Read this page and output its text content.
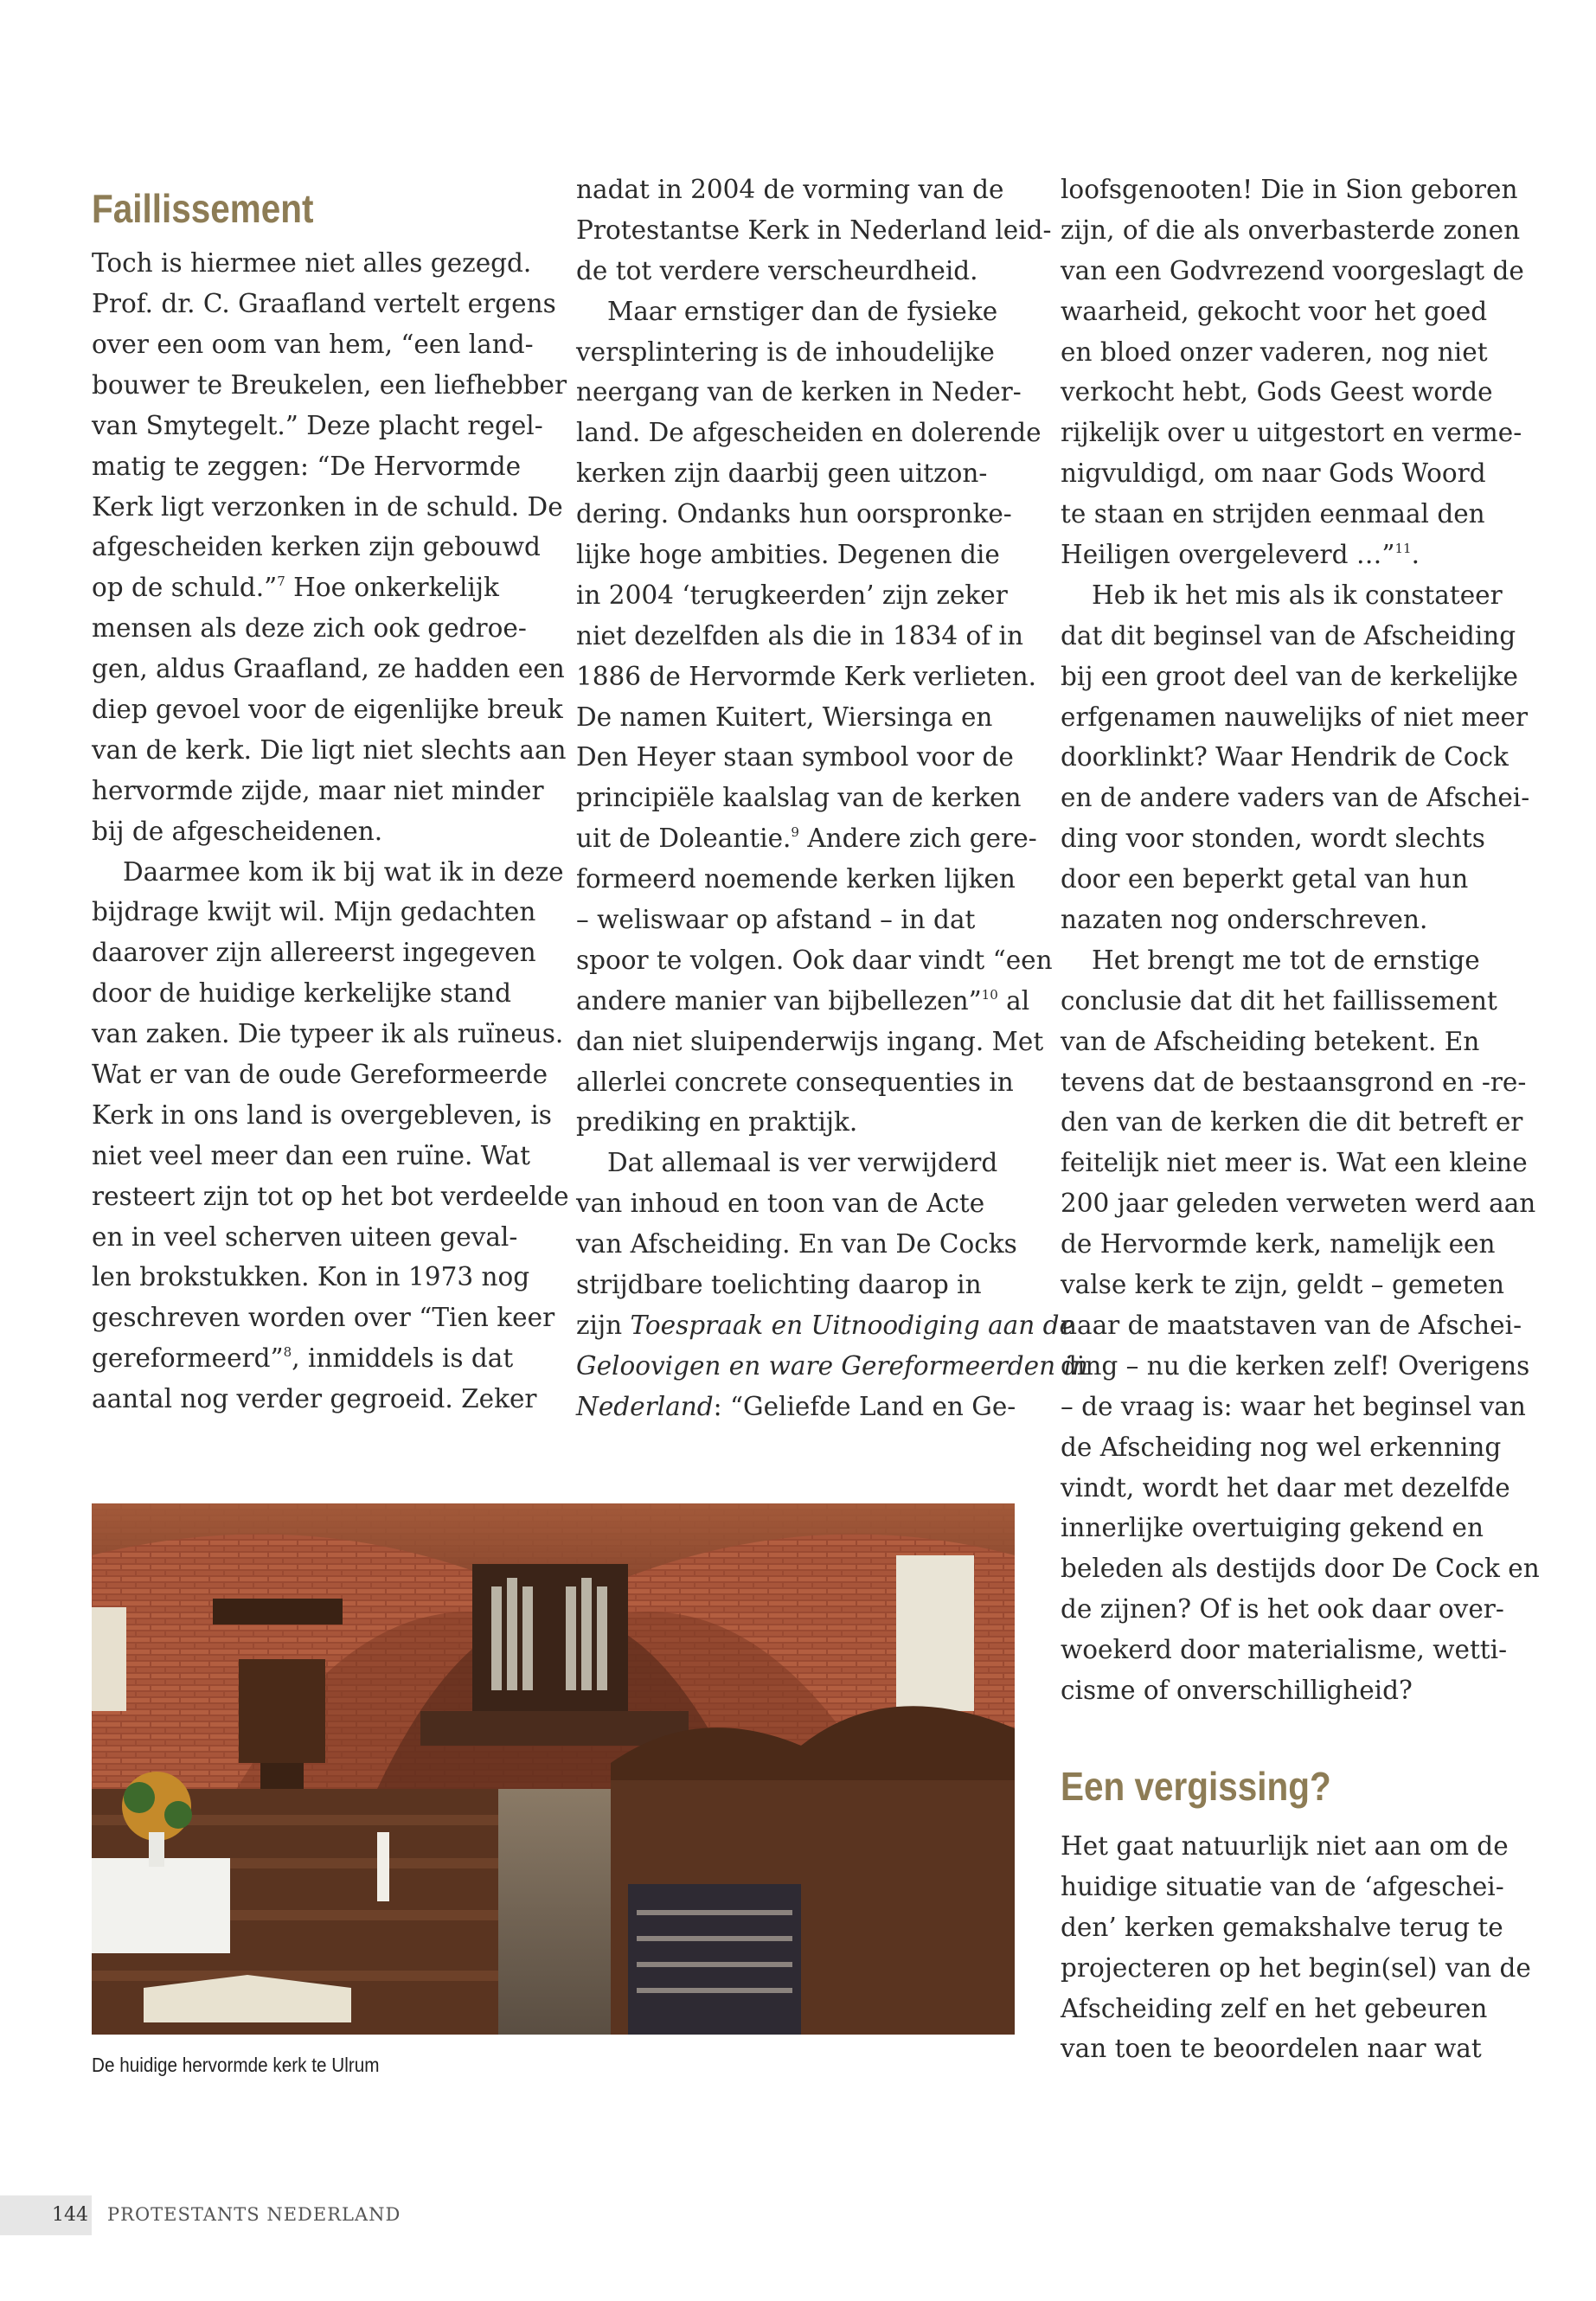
Faillissement
Toch is hiermee niet alles gezegd.
Prof. dr. C. Graafland vertelt ergens
over een oom van hem, “een land-
bouwer te Breukelen, een liefhebber
van Smytegelt.” Deze placht regel-
matig te zeggen: “De Hervormde
Kerk ligt verzonken in de schuld. De
afgescheiden kerken zijn gebouwd
op de schuld.”$^7$ Hoe onkerkelijk
mensen als deze zich ook gedroe-
gen, aldus Graafland, ze hadden een
diep gevoel voor de eigenlijke breuk
van de kerk. Die ligt niet slechts aan
hervormde zijde, maar niet minder
bij de afgescheidenen.
Daarmee kom ik bij wat ik in deze
bijdrage kwijt wil. Mijn gedachten
daarover zijn allereerst ingegeven
door de huidige kerkelijke stand
van zaken. Die typeer ik als ruïneus.
Wat er van de oude Gereformeerde
Kerk in ons land is overgebleven, is
niet veel meer dan een ruïne. Wat
resteert zijn tot op het bot verdeelde
en in veel scherven uiteen geval-
len brokstukken. Kon in 1973 nog
geschreven worden over “Tien keer
gereformeerd”$^8$, inmiddels is dat
aantal nog verder gegroeid. Zeker
nadat in 2004 de vorming van de
Protestantse Kerk in Nederland leid-
de tot verdere verscheurdheid.
Maar ernstiger dan de fysieke
versplintering is de inhoudelijke
neergang van de kerken in Neder-
land. De afgescheiden en dolerende
kerken zijn daarbij geen uitzon-
dering. Ondanks hun oorspronke-
lijke hoge ambities. Degenen die
in 2004 ‘terugkeerden’ zijn zeker
niet dezelfden als die in 1834 of in
1886 de Hervormde Kerk verlieten.
De namen Kuitert, Wiersinga en
Den Heyer staan symbool voor de
principiële kaalslag van de kerken
uit de Doleantie.$^9$ Andere zich gere-
formeerd noemende kerken lijken
– weliswaar op afstand – in dat
spoor te volgen. Ook daar vindt “een
andere manier van bijbellezen”$^{10}$ al
dan niet sluipenderwijs ingang. Met
allerlei concrete consequenties in
prediking en praktijk.
Dat allemaal is ver verwijderd
van inhoud en toon van de Acte
van Afscheiding. En van De Cocks
strijdbare toelichting daarop in
zijn Toespraak en Uitnoodiging aan de
Geloovigen en ware Gereformeerden in
Nederland: “Geliefde Land en Ge-
loofsgenooten! Die in Sion geboren
zijn, of die als onverbasterde zonen
van een Godvrezend voorgeslagt de
waarheid, gekocht voor het goed
en bloed onzer vaderen, nog niet
verkocht hebt, Gods Geest worde
rijkelijk over u uitgestort en verme-
nigvuldigd, om naar Gods Woord
te staan en strijden eenmaal den
Heiligen overgeleverd …”$^{11}$.
Heb ik het mis als ik constateer
dat dit beginsel van de Afscheiding
bij een groot deel van de kerkelijke
erfgenamen nauwelijks of niet meer
doorklinkt? Waar Hendrik de Cock
en de andere vaders van de Afschei-
ding voor stonden, wordt slechts
door een beperkt getal van hun
nazaten nog onderschreven.
Het brengt me tot de ernstige
conclusie dat dit het faillissement
van de Afscheiding betekent. En
tevens dat de bestaansgrond en -re-
den van de kerken die dit betreft er
feitelijk niet meer is. Wat een kleine
200 jaar geleden verweten werd aan
de Hervormde kerk, namelijk een
valse kerk te zijn, geldt – gemeten
naar de maatstaven van de Afschei-
ding – nu die kerken zelf! Overigens
– de vraag is: waar het beginsel van
de Afscheiding nog wel erkenning
vindt, wordt het daar met dezelfde
innerlijke overtuiging gekend en
beleden als destijds door De Cock en
de zijnen? Of is het ook daar over-
woekerd door materialisme, wetti-
cisme of onverschilligheid?
Een vergissing?
Het gaat natuurlijk niet aan om de
huidige situatie van de ‘afgeschei-
den’ kerken gemakshalve terug te
projecteren op het begin(sel) van de
Afscheiding zelf en het gebeuren
van toen te beoordelen naar wat
De huidige hervormde kerk te Ulrum
144 PROTESTANTS NEDERLAND
